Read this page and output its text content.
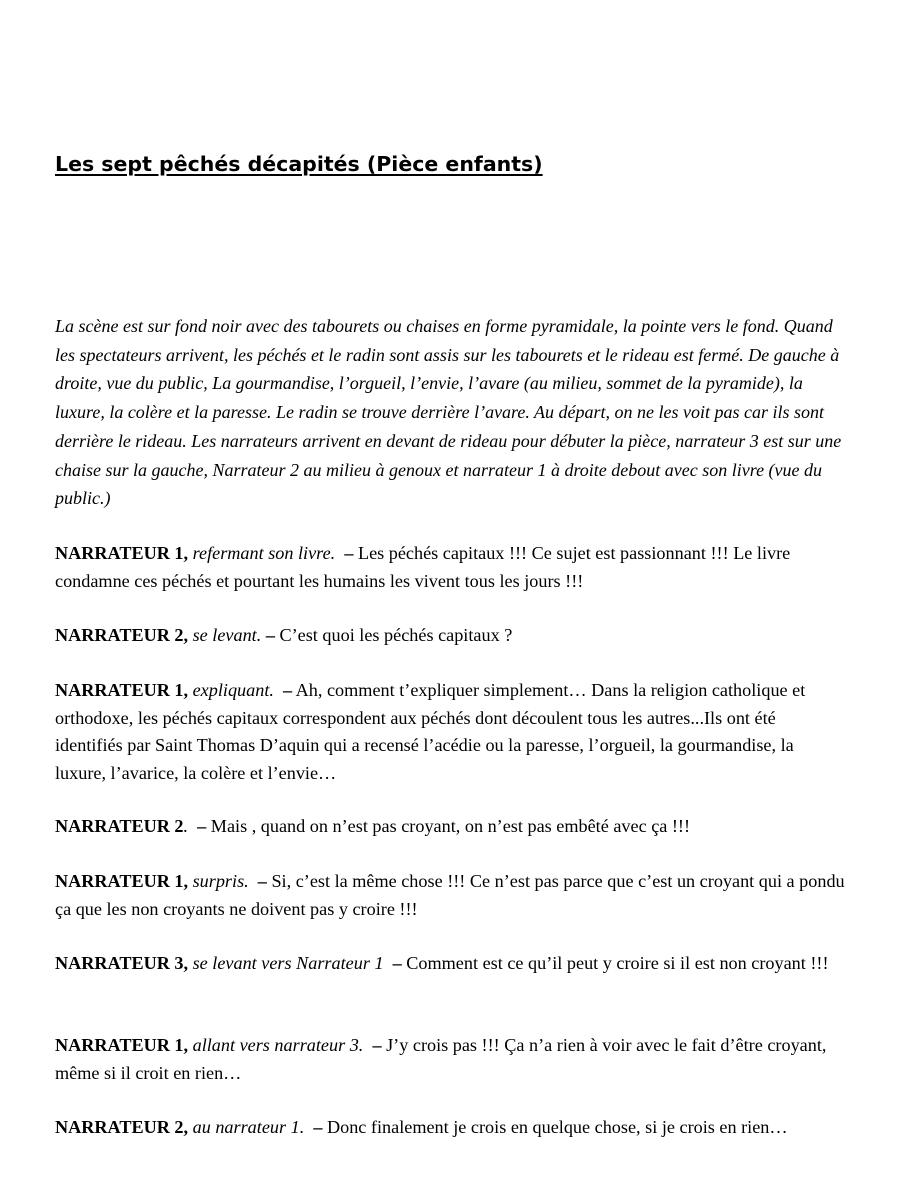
Les sept pêchés décapités (Pièce enfants)

La scène est sur fond noir avec des tabourets ou chaises en forme pyramidale, la pointe vers le fond. Quand les spectateurs arrivent, les péchés et le radin sont assis sur les tabourets et le rideau est fermé. De gauche à droite, vue du public, La gourmandise, l’orgueil, l’envie, l’avare (au milieu, sommet de la pyramide), la luxure, la colère et la paresse. Le radin se trouve derrière l’avare. Au départ, on ne les voit pas car ils sont derrière le rideau. Les narrateurs arrivent en devant de rideau pour débuter la pièce, narrateur 3 est sur une chaise sur la gauche, Narrateur 2 au milieu à genoux et narrateur 1 à droite debout avec son livre (vue du public.)

NARRATEUR 1, refermant son livre. – Les péchés capitaux !!! Ce sujet est passionnant !!! Le livre condamne ces péchés et pourtant les humains les vivent tous les jours !!!

NARRATEUR 2, se levant. – C’est quoi les péchés capitaux ?

NARRATEUR 1, expliquant. – Ah, comment t’expliquer simplement… Dans la religion catholique et orthodoxe, les péchés capitaux correspondent aux péchés dont découlent tous les autres...Ils ont été identifiés par Saint Thomas D’aquin qui a recensé l’acédie ou la paresse, l’orgueil, la gourmandise, la luxure, l’avarice, la colère et l’envie…

NARRATEUR 2. – Mais , quand on n’est pas croyant, on n’est pas embêté avec ça !!!

NARRATEUR 1, surpris. – Si, c’est la même chose !!! Ce n’est pas parce que c’est un croyant qui a pondu ça que les non croyants ne doivent pas y croire !!!

NARRATEUR 3, se levant vers Narrateur 1 – Comment est ce qu’il peut y croire si il est non croyant !!!

NARRATEUR 1, allant vers narrateur 3. – J’y crois pas !!! Ça n’a rien à voir avec le fait d’être croyant, même si il croit en rien…

NARRATEUR 2, au narrateur 1. – Donc finalement je crois en quelque chose, si je crois en rien…
